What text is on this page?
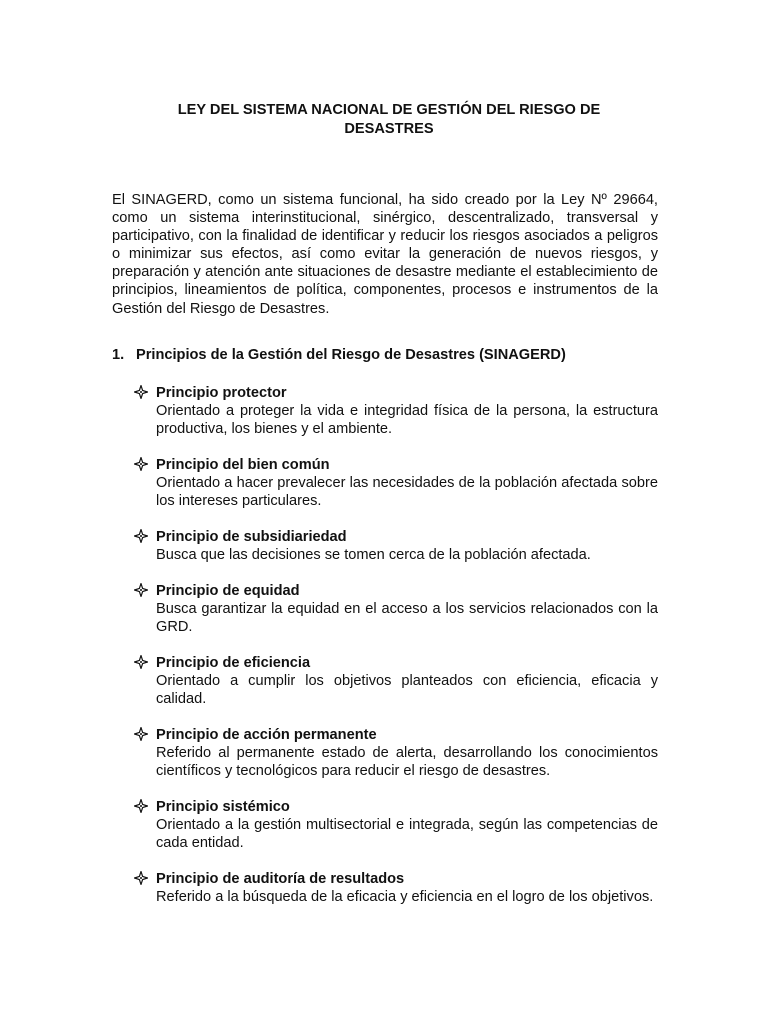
LEY DEL SISTEMA NACIONAL DE GESTIÓN DEL RIESGO DE
DESASTRES

El SINAGERD, como un sistema funcional, ha sido creado por la Ley Nº 29664, como un sistema interinstitucional, sinérgico, descentralizado, transversal y participativo, con la finalidad de identificar y reducir los riesgos asociados a peligros o minimizar sus efectos, así como evitar la generación de nuevos riesgos, y preparación y atención ante situaciones de desastre mediante el establecimiento de principios, lineamientos de política, componentes, procesos e instrumentos de la Gestión del Riesgo de Desastres.

1. Principios de la Gestión del Riesgo de Desastres (SINAGERD)
Principio protector
Orientado a proteger la vida e integridad física de la persona, la estructura productiva, los bienes y el ambiente.
Principio del bien común
Orientado a hacer prevalecer las necesidades de la población afectada sobre los intereses particulares.
Principio de subsidiariedad
Busca que las decisiones se tomen cerca de la población afectada.
Principio de equidad
Busca garantizar la equidad en el acceso a los servicios relacionados con la GRD.
Principio de eficiencia
Orientado a cumplir los objetivos planteados con eficiencia, eficacia y calidad.
Principio de acción permanente
Referido al permanente estado de alerta, desarrollando los conocimientos científicos y tecnológicos para reducir el riesgo de desastres.
Principio sistémico
Orientado a la gestión multisectorial e integrada, según las competencias de cada entidad.
Principio de auditoría de resultados
Referido a la búsqueda de la eficacia y eficiencia en el logro de los objetivos.
